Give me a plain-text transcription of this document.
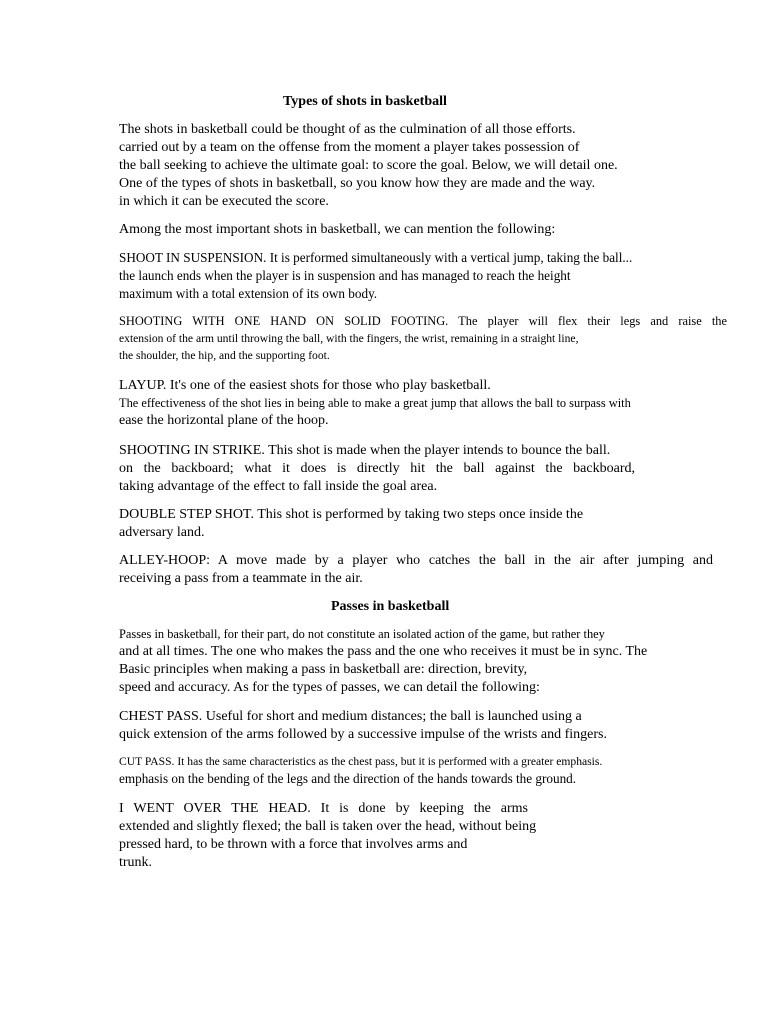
Types of shots in basketball
The shots in basketball could be thought of as the culmination of all those efforts.
carried out by a team on the offense from the moment a player takes possession of
the ball seeking to achieve the ultimate goal: to score the goal. Below, we will detail one.
One of the types of shots in basketball, so you know how they are made and the way.
in which it can be executed the score.
Among the most important shots in basketball, we can mention the following:
SHOOT IN SUSPENSION. It is performed simultaneously with a vertical jump, taking the ball...
the launch ends when the player is in suspension and has managed to reach the height
maximum with a total extension of its own body.
SHOOTING WITH ONE HAND ON SOLID FOOTING. The player will flex their legs and raise the
extension of the arm until throwing the ball, with the fingers, the wrist, remaining in a straight line,
the shoulder, the hip, and the supporting foot.
LAYUP. It's one of the easiest shots for those who play basketball.
The effectiveness of the shot lies in being able to make a great jump that allows the ball to surpass with
ease the horizontal plane of the hoop.
SHOOTING IN STRIKE. This shot is made when the player intends to bounce the ball.
on the backboard; what it does is directly hit the ball against the backboard,
taking advantage of the effect to fall inside the goal area.
DOUBLE STEP SHOT. This shot is performed by taking two steps once inside the
adversary land.
ALLEY-HOOP: A move made by a player who catches the ball in the air after jumping and
receiving a pass from a teammate in the air.
Passes in basketball
Passes in basketball, for their part, do not constitute an isolated action of the game, but rather they
and at all times. The one who makes the pass and the one who receives it must be in sync. The
Basic principles when making a pass in basketball are: direction, brevity,
speed and accuracy. As for the types of passes, we can detail the following:
CHEST PASS. Useful for short and medium distances; the ball is launched using a
quick extension of the arms followed by a successive impulse of the wrists and fingers.
CUT PASS. It has the same characteristics as the chest pass, but it is performed with a greater emphasis.
emphasis on the bending of the legs and the direction of the hands towards the ground.
I WENT OVER THE HEAD. It is done by keeping the arms
extended and slightly flexed; the ball is taken over the head, without being
pressed hard, to be thrown with a force that involves arms and
trunk.
